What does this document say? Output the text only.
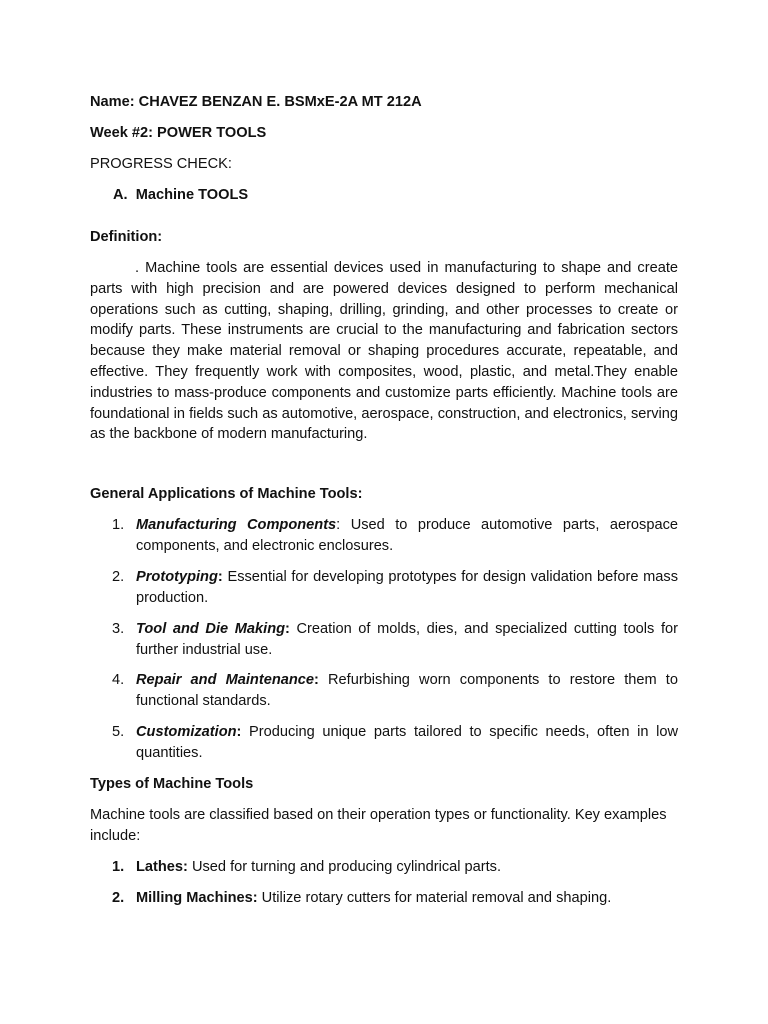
Name: CHAVEZ BENZAN E. BSMxE-2A MT 212A
Week #2: POWER TOOLS
PROGRESS CHECK:
A. Machine TOOLS
Definition:
. Machine tools are essential devices used in manufacturing to shape and create parts with high precision and are powered devices designed to perform mechanical operations such as cutting, shaping, drilling, grinding, and other processes to create or modify parts. These instruments are crucial to the manufacturing and fabrication sectors because they make material removal or shaping procedures accurate, repeatable, and effective. They frequently work with composites, wood, plastic, and metal.They enable industries to mass-produce components and customize parts efficiently. Machine tools are foundational in fields such as automotive, aerospace, construction, and electronics, serving as the backbone of modern manufacturing.
General Applications of Machine Tools:
1. Manufacturing Components: Used to produce automotive parts, aerospace components, and electronic enclosures.
2. Prototyping: Essential for developing prototypes for design validation before mass production.
3. Tool and Die Making: Creation of molds, dies, and specialized cutting tools for further industrial use.
4. Repair and Maintenance: Refurbishing worn components to restore them to functional standards.
5. Customization: Producing unique parts tailored to specific needs, often in low quantities.
Types of Machine Tools
Machine tools are classified based on their operation types or functionality. Key examples include:
1. Lathes: Used for turning and producing cylindrical parts.
2. Milling Machines: Utilize rotary cutters for material removal and shaping.
